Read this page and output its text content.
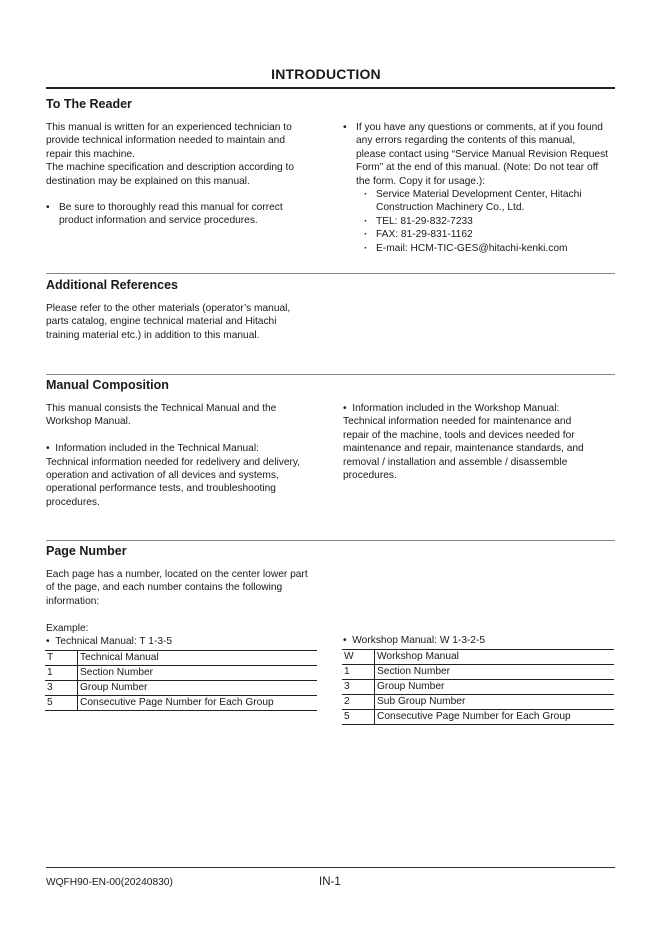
INTRODUCTION
To The Reader

This manual is written for an experienced technician to

provide technical information needed to maintain and

repair this machine.

The machine specification and description according to

destination may be explained on this manual.

• Be sure to thoroughly read this manual for correct

product information and service procedures.

• If you have any questions or comments, at if you found

any errors regarding the contents of this manual,

please contact using “Service Manual Revision Request

Form” at the end of this manual. (Note: Do not tear off

the form. Copy it for usage.):

· Service Material Development Center, Hitachi
Construction Machinery Co., Ltd.
· TEL: 81-29-832-7233
· FAX: 81-29-831-1162
· E-mail: HCM-TIC-GES@hitachi-kenki.com
Additional References

Please refer to the other materials (operator’s manual,

parts catalog, engine technical material and Hitachi

training material etc.) in addition to this manual.

Manual Composition

This manual consists the Technical Manual and the

Workshop Manual.

•  Information included in the Technical Manual:

Technical information needed for redelivery and delivery,

operation and activation of all devices and systems,

operational performance tests, and troubleshooting

procedures.

•  Information included in the Workshop Manual:

Technical information needed for maintenance and

repair of the machine, tools and devices needed for

maintenance and repair, maintenance standards, and

removal / installation and assemble / disassemble

procedures.

Page Number

Each page has a number, located on the center lower part

of the page, and each number contains the following

information:

Example:
•  Technical Manual: T 1-3-5
T	Technical Manual
1	Section Number
3	Group Number
5	Consecutive Page Number for Each Group
•  Workshop Manual: W 1-3-2-5
W	Workshop Manual
1	Section Number
3	Group Number
2	Sub Group Number
5	Consecutive Page Number for Each Group
WQFH90-EN-00(20240830)	IN-1
